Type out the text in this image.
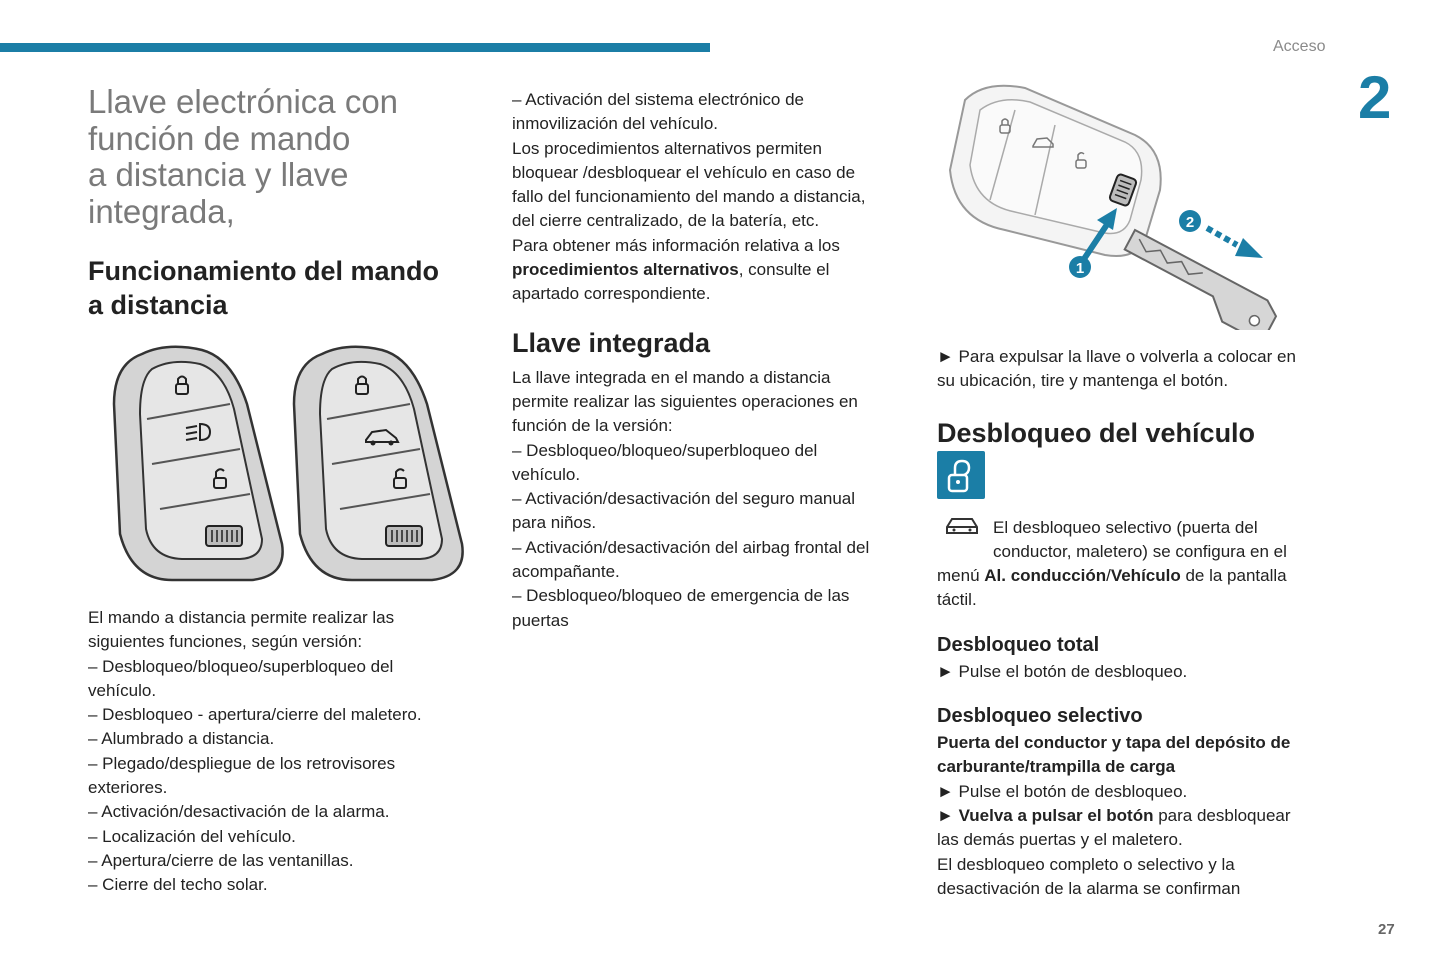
Acceso
2
27
Llave electrónica con
función de mando
a distancia y llave
integrada,
Funcionamiento del mando
a distancia

El mando a distancia permite realizar las

siguientes funciones, según versión:

– Desbloqueo/bloqueo/superbloqueo del

vehículo.

– Desbloqueo - apertura/cierre del maletero.

– Alumbrado a distancia.

– Plegado/despliegue de los retrovisores

exteriores.

– Activación/desactivación de la alarma.

– Localización del vehículo.

– Apertura/cierre de las ventanillas.

– Cierre del techo solar.

– Activación del sistema electrónico de

inmovilización del vehículo.

Los procedimientos alternativos permiten

bloquear /desbloquear el vehículo en caso de

fallo del funcionamiento del mando a distancia,

del cierre centralizado, de la batería, etc.

Para obtener más información relativa a los

procedimientos alternativos, consulte el

apartado correspondiente.

Llave integrada

La llave integrada en el mando a distancia

permite realizar las siguientes operaciones en

función de la versión:

– Desbloqueo/bloqueo/superbloqueo del

vehículo.

– Activación/desactivación del seguro manual

para niños.

– Activación/desactivación del airbag frontal del

acompañante.

– Desbloqueo/bloqueo de emergencia de las

puertas

1
2

► Para expulsar la llave o volverla a colocar en

su ubicación, tire y mantenga el botón.

Desbloqueo del vehículo

El desbloqueo selectivo (puerta del

conductor, maletero) se configura en el

menú Al. conducción/Vehículo de la pantalla

táctil.

Desbloqueo total

► Pulse el botón de desbloqueo.

Desbloqueo selectivo

Puerta del conductor y tapa del depósito de

carburante/trampilla de carga

► Pulse el botón de desbloqueo.

► Vuelva a pulsar el botón para desbloquear

las demás puertas y el maletero.

El desbloqueo completo o selectivo y la

desactivación de la alarma se confirman
